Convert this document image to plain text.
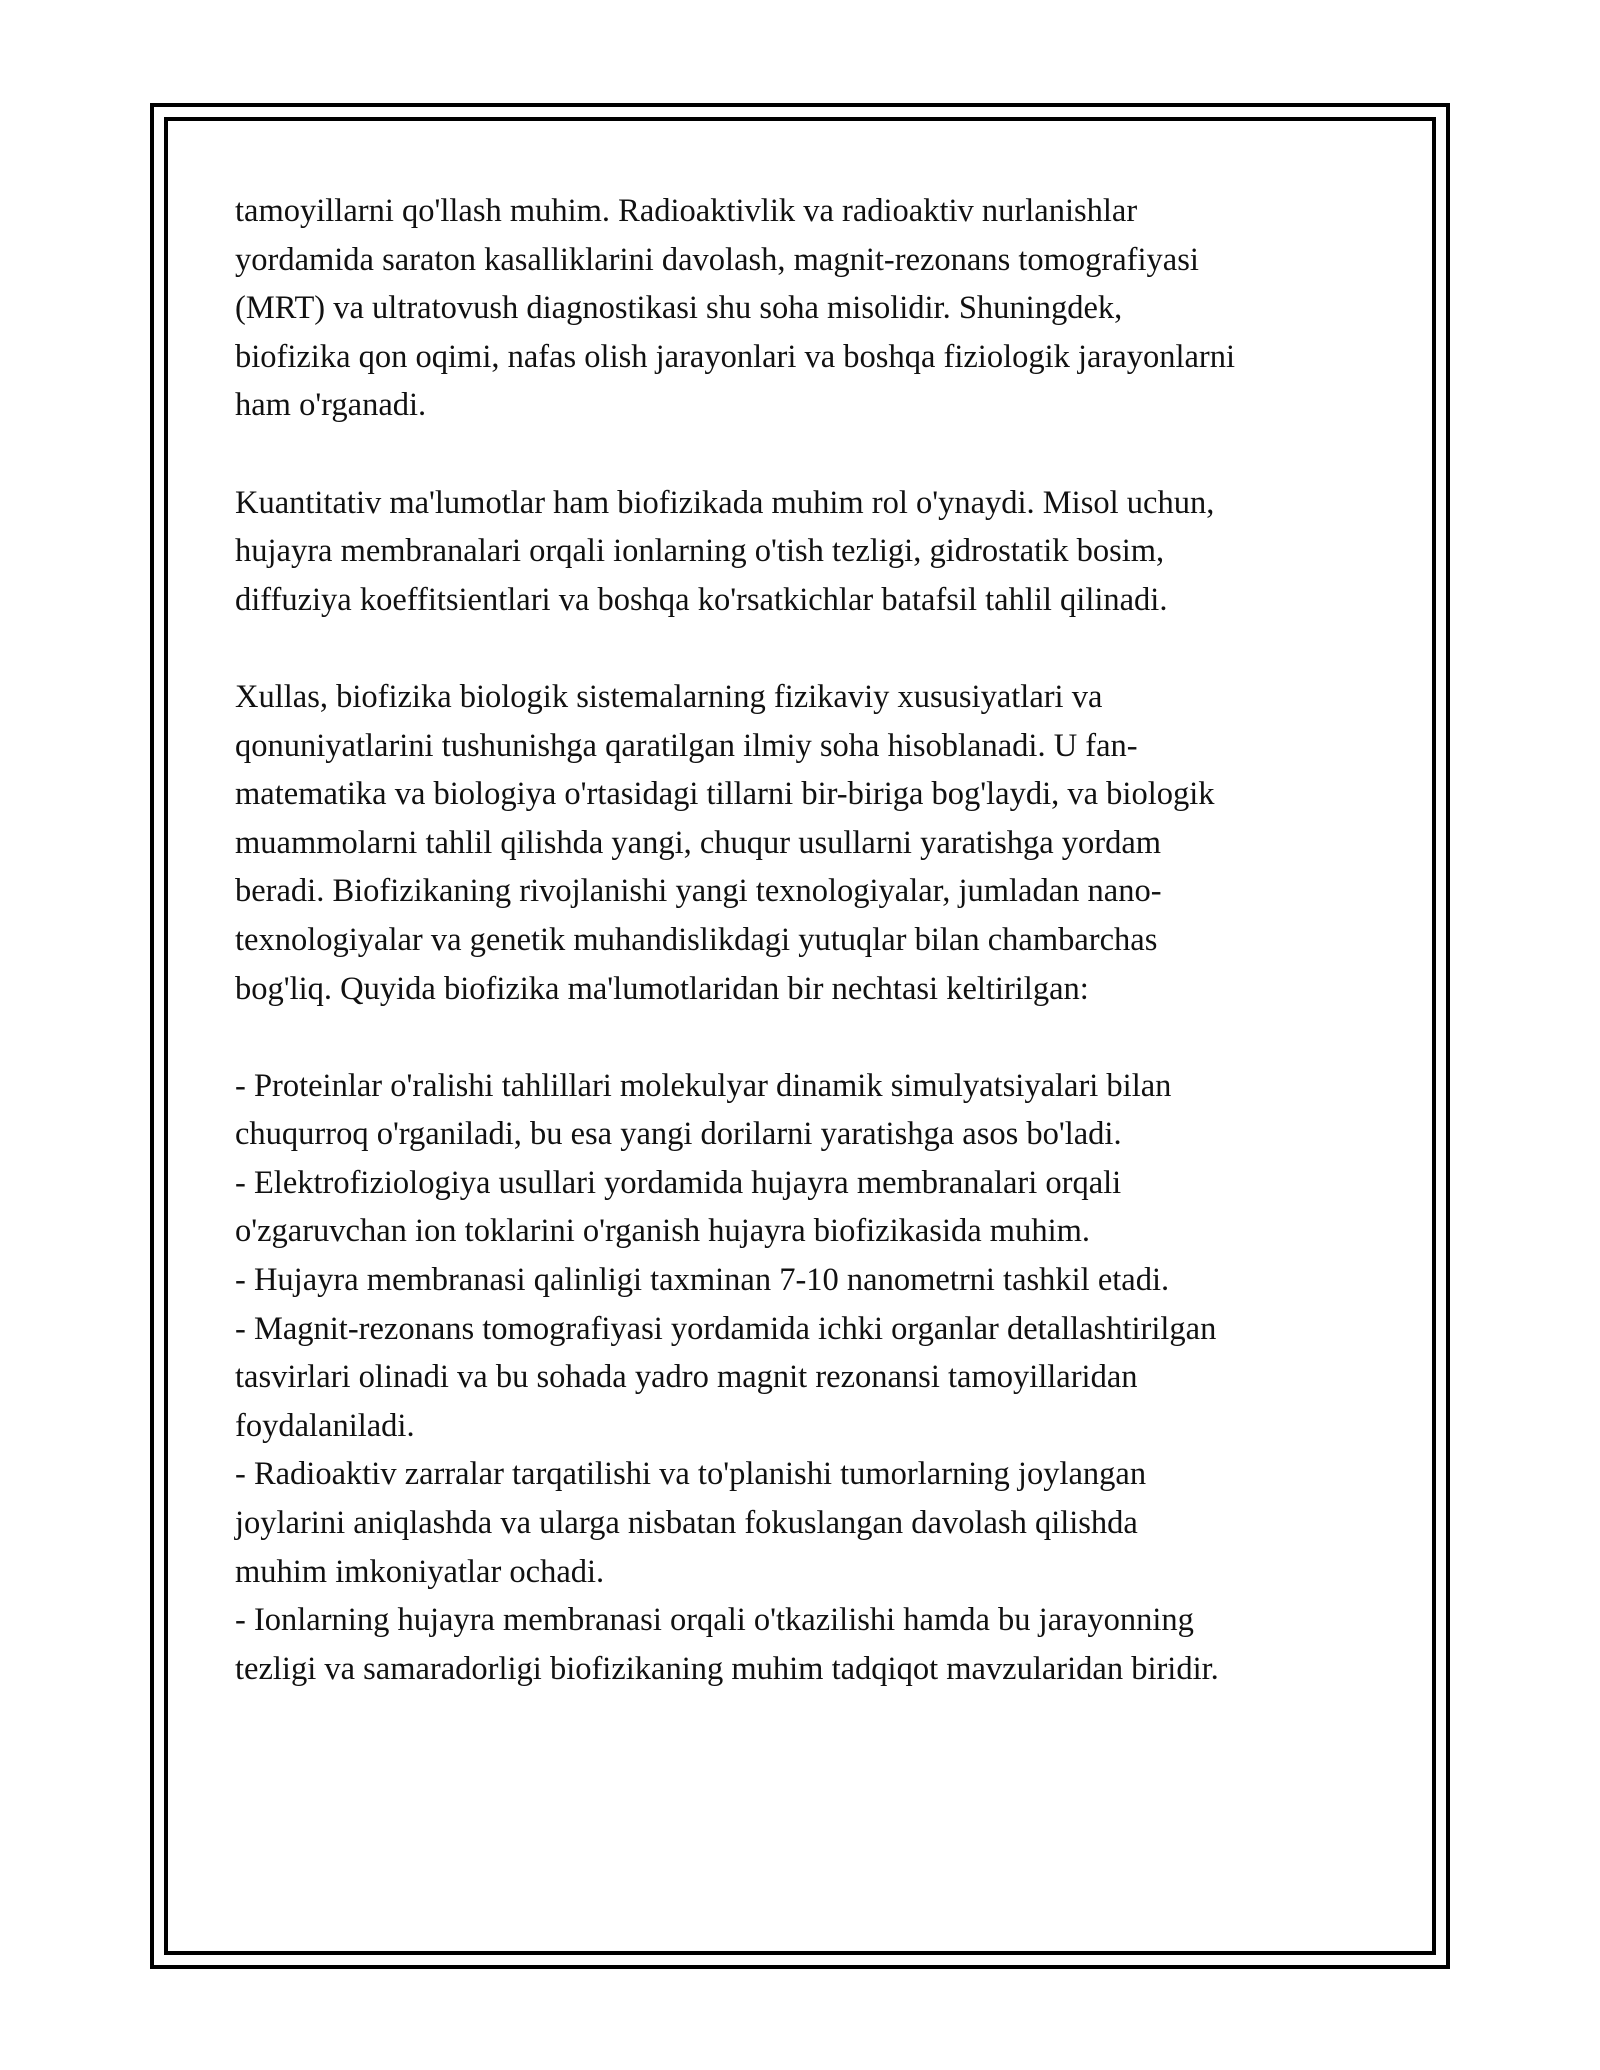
tamoyillarni qo'llash muhim. Radioaktivlik va radioaktiv nurlanishlar
yordamida saraton kasalliklarini davolash, magnit-rezonans tomografiyasi
(MRT) va ultratovush diagnostikasi shu soha misolidir. Shuningdek,
biofizika qon oqimi, nafas olish jarayonlari va boshqa fiziologik jarayonlarni
ham o'rganadi.

Kuantitativ ma'lumotlar ham biofizikada muhim rol o'ynaydi. Misol uchun,
hujayra membranalari orqali ionlarning o'tish tezligi, gidrostatik bosim,
diffuziya koeffitsientlari va boshqa ko'rsatkichlar batafsil tahlil qilinadi.

Xullas, biofizika biologik sistemalarning fizikaviy xususiyatlari va
qonuniyatlarini tushunishga qaratilgan ilmiy soha hisoblanadi. U fan-
matematika va biologiya o'rtasidagi tillarni bir-biriga bog'laydi, va biologik
muammolarni tahlil qilishda yangi, chuqur usullarni yaratishga yordam
beradi. Biofizikaning rivojlanishi yangi texnologiyalar, jumladan nano-
texnologiyalar va genetik muhandislikdagi yutuqlar bilan chambarchas
bog'liq. Quyida biofizika ma'lumotlaridan bir nechtasi keltirilgan:

- Proteinlar o'ralishi tahlillari molekulyar dinamik simulyatsiyalari bilan
chuqurroq o'rganiladi, bu esa yangi dorilarni yaratishga asos bo'ladi.
- Elektrofiziologiya usullari yordamida hujayra membranalari orqali
o'zgaruvchan ion toklarini o'rganish hujayra biofizikasida muhim.
- Hujayra membranasi qalinligi taxminan 7-10 nanometrni tashkil etadi.
- Magnit-rezonans tomografiyasi yordamida ichki organlar detallashtirilgan
tasvirlari olinadi va bu sohada yadro magnit rezonansi tamoyillaridan
foydalaniladi.
- Radioaktiv zarralar tarqatilishi va to'planishi tumorlarning joylangan
joylarini aniqlashda va ularga nisbatan fokuslangan davolash qilishda
muhim imkoniyatlar ochadi.
- Ionlarning hujayra membranasi orqali o'tkazilishi hamda bu jarayonning
tezligi va samaradorligi biofizikaning muhim tadqiqot mavzularidan biridir.
